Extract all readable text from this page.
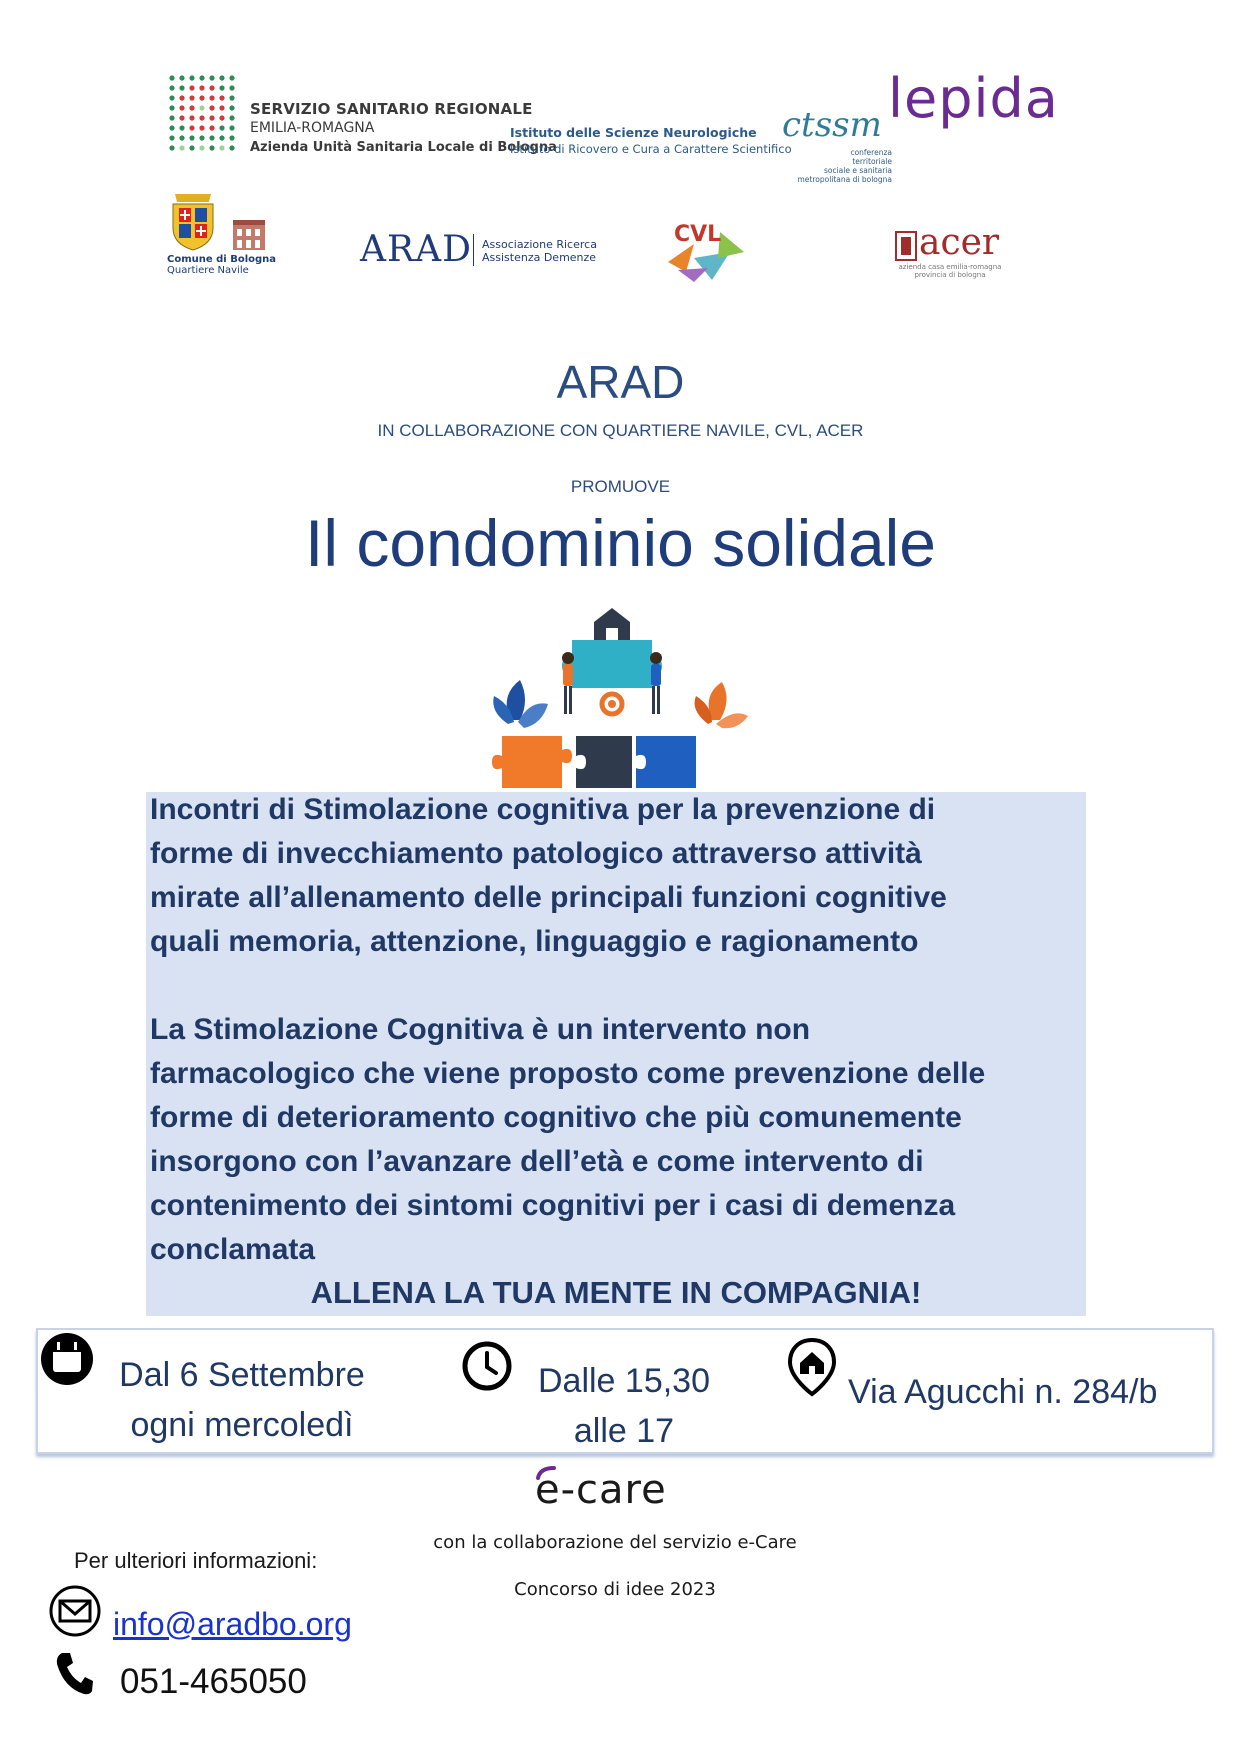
SERVIZIO SANITARIO REGIONALE
EMILIA-ROMAGNA
Azienda Unità Sanitaria Locale di Bologna
Istituto delle Scienze Neurologiche
Istituto di Ricovero e Cura a Carattere Scientifico
ctssm
conferenza
territoriale
sociale e sanitaria
metropolitana di bologna
lepida
Comune di Bologna
Quartiere Navile
ARAD Associazione Ricerca
Assistenza Demenze
CVL	acer
azienda casa emilia-romagna
provincia di bologna
ARAD
IN COLLABORAZIONE CON QUARTIERE NAVILE, CVL, ACER
PROMUOVE
Il condominio solidale
Incontri di Stimolazione cognitiva per la prevenzione di
forme di invecchiamento patologico attraverso attività
mirate all’allenamento delle principali funzioni cognitive
quali memoria, attenzione, linguaggio e ragionamento
La Stimolazione Cognitiva è un intervento non
farmacologico che viene proposto come prevenzione delle
forme di deterioramento cognitivo che più comunemente
insorgono con l’avanzare dell’età e come intervento di
contenimento dei sintomi cognitivi per i casi di demenza
conclamata
ALLENA LA TUA MENTE IN COMPAGNIA!
Dal 6 Settembre
ogni mercoledì
Dalle 15,30
alle 17
Via Agucchi n. 284/b
e-care
con la collaborazione del servizio e-Care
Concorso di idee 2023
Per ulteriori informazioni:
info@aradbo.org
051-465050
